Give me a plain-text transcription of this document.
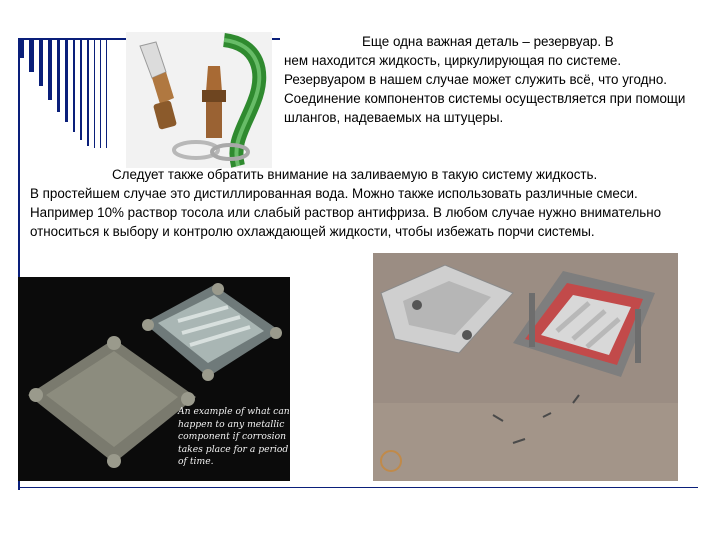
Еще одна важная деталь – резервуар. В
нем находится жидкость, циркулирующая по системе. Резервуаром в нашем случае может служить всё, что угодно. Соединение компонентов системы осуществляется при помощи шлангов, надеваемых на штуцеры.

Следует также обратить внимание на заливаемую в такую систему жидкость.
В простейшем случае это дистиллированная вода. Можно также использовать различные смеси. Например 10% раствор тосола или слабый раствор антифриза. В любом случае нужно внимательно относиться к выбору и контролю охлаждающей жидкости, чтобы избежать порчи системы.

An example of what can happen to any metallic component if corrosion takes place for a period of time.
